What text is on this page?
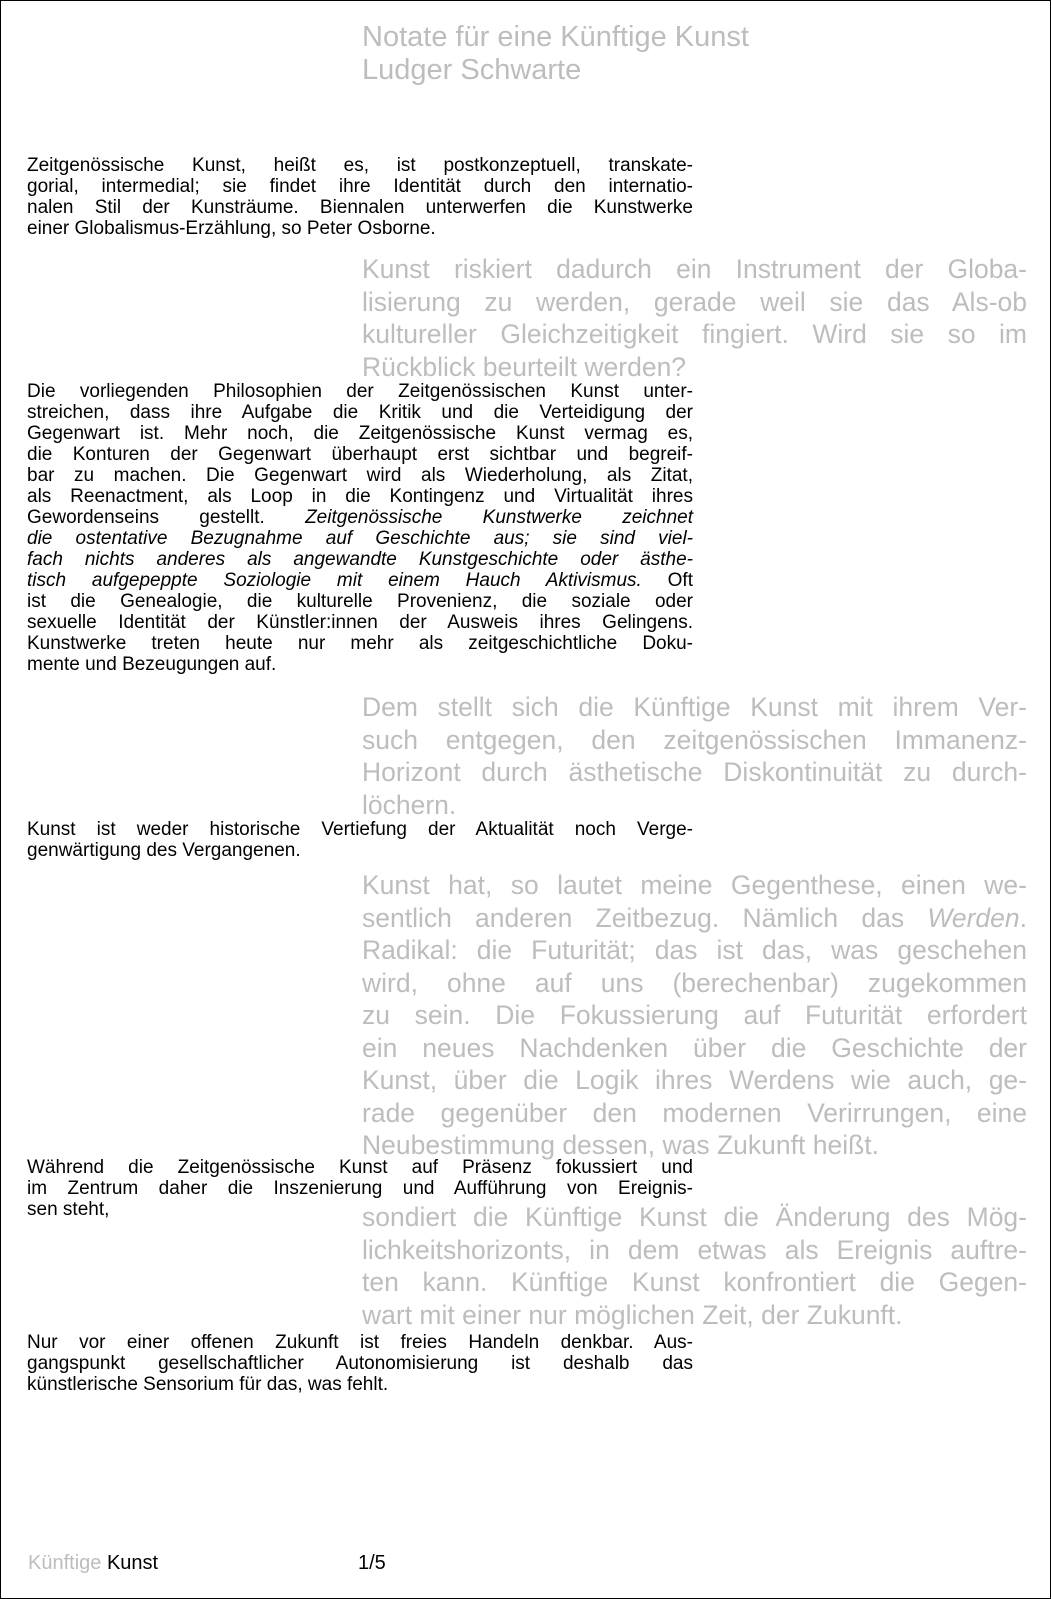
Notate für eine Künftige Kunst
Ludger Schwarte

Zeitgenössische Kunst, heißt es, ist postkonzeptuell, transkate-
gorial, intermedial; sie findet ihre Identität durch den internatio-
nalen Stil der Kunsträume. Biennalen unterwerfen die Kunstwerke
einer Globalismus-Erzählung, so Peter Osborne.

Kunst riskiert dadurch ein Instrument der Globa-
lisierung zu werden, gerade weil sie das Als-ob
kultureller Gleichzeitigkeit fingiert. Wird sie so im
Rückblick beurteilt werden?

Die vorliegenden Philosophien der Zeitgenössischen Kunst unter-
streichen, dass ihre Aufgabe die Kritik und die Verteidigung der
Gegenwart ist. Mehr noch, die Zeitgenössische Kunst vermag es,
die Konturen der Gegenwart überhaupt erst sichtbar und begreif-
bar zu machen. Die Gegenwart wird als Wiederholung, als Zitat,
als Reenactment, als Loop in die Kontingenz und Virtualität ihres
Gewordenseins gestellt. Zeitgenössische Kunstwerke zeichnet
die ostentative Bezugnahme auf Geschichte aus; sie sind viel-
fach nichts anderes als angewandte Kunstgeschichte oder ästhe-
tisch aufgepeppte Soziologie mit einem Hauch Aktivismus. Oft
ist die Genealogie, die kulturelle Provenienz, die soziale oder
sexuelle Identität der Künstler:innen der Ausweis ihres Gelingens.
Kunstwerke treten heute nur mehr als zeitgeschichtliche Doku-
mente und Bezeugungen auf.

Dem stellt sich die Künftige Kunst mit ihrem Ver-
such entgegen, den zeitgenössischen Immanenz-
Horizont durch ästhetische Diskontinuität zu durch-
löchern.

Kunst ist weder historische Vertiefung der Aktualität noch Verge-
genwärtigung des Vergangenen.

Kunst hat, so lautet meine Gegenthese, einen we-
sentlich anderen Zeitbezug. Nämlich das Werden.
Radikal: die Futurität; das ist das, was geschehen
wird, ohne auf uns (berechenbar) zugekommen
zu sein. Die Fokussierung auf Futurität erfordert
ein neues Nachdenken über die Geschichte der
Kunst, über die Logik ihres Werdens wie auch, ge-
rade gegenüber den modernen Verirrungen, eine
Neubestimmung dessen, was Zukunft heißt.

Während die Zeitgenössische Kunst auf Präsenz fokussiert und
im Zentrum daher die Inszenierung und Aufführung von Ereignis-
sen steht,	sondiert die Künftige Kunst die Änderung des Mög-
lichkeitshorizonts, in dem etwas als Ereignis auftre-
ten kann. Künftige Kunst konfrontiert die Gegen-
wart mit einer nur möglichen Zeit, der Zukunft.

Nur vor einer offenen Zukunft ist freies Handeln denkbar. Aus-
gangspunkt gesellschaftlicher Autonomisierung ist deshalb das
künstlerische Sensorium für das, was fehlt.

Künftige Kunst	1/5
